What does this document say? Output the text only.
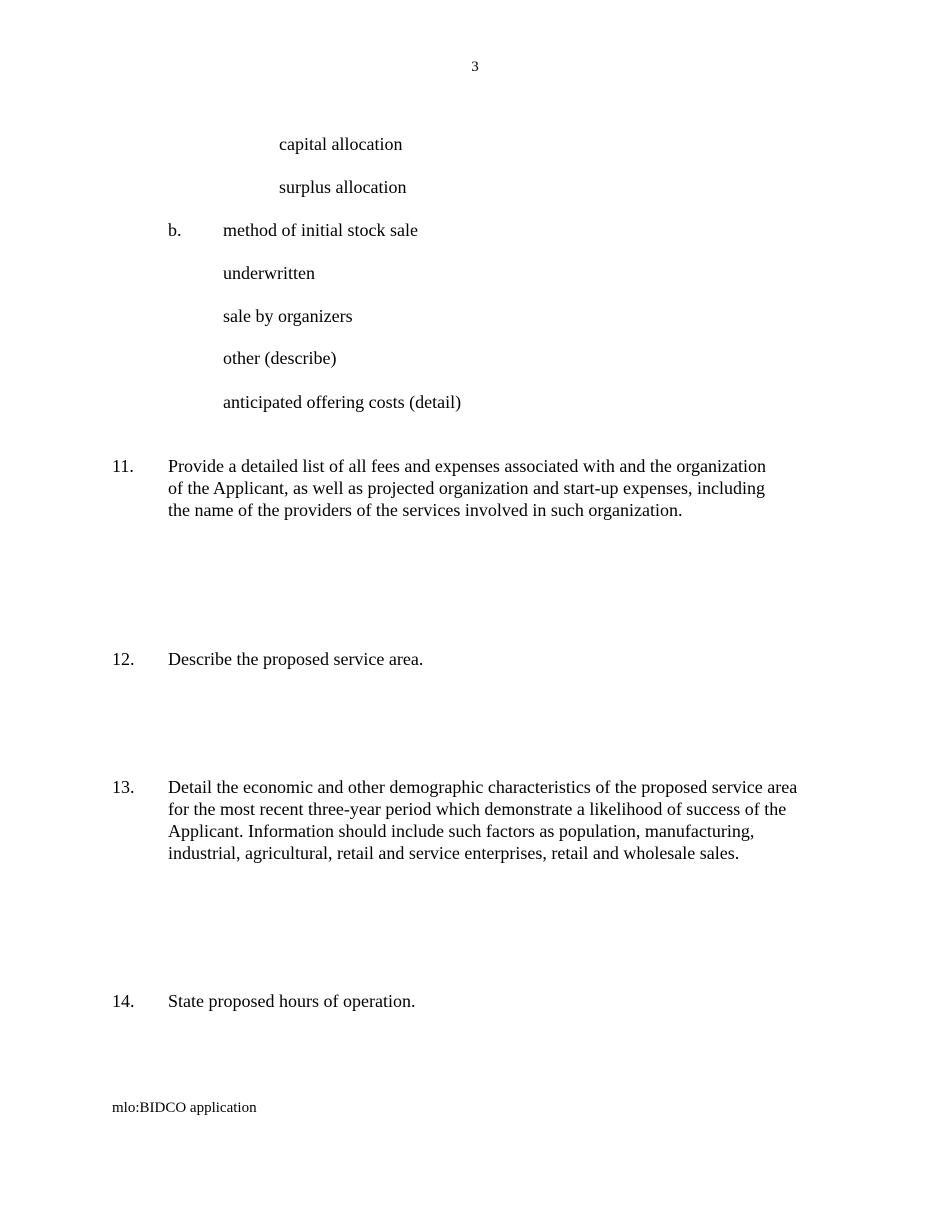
3
capital allocation
surplus allocation
b. method of initial stock sale
underwritten
sale by organizers
other (describe)
anticipated offering costs (detail)
11. Provide a detailed list of all fees and expenses associated with and the organization
of the Applicant, as well as projected organization and start-up expenses, including
the name of the providers of the services involved in such organization.
12. Describe the proposed service area.
13. Detail the economic and other demographic characteristics of the proposed service area
for the most recent three-year period which demonstrate a likelihood of success of the
Applicant. Information should include such factors as population, manufacturing,
industrial, agricultural, retail and service enterprises, retail and wholesale sales.
14. State proposed hours of operation.
mlo:BIDCO application
